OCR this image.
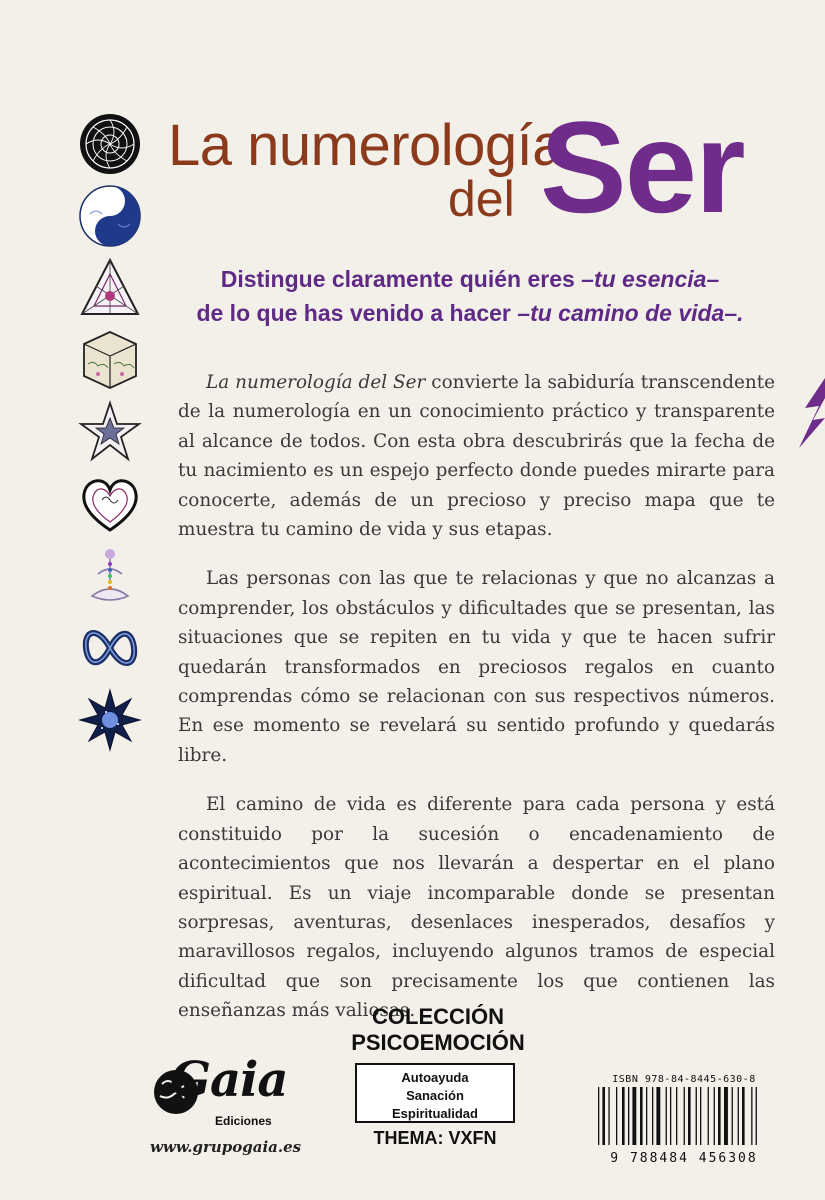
La numerología
del Ser
Distingue claramente quién eres –tu esencia–
de lo que has venido a hacer –tu camino de vida–.

La numerología del Ser convierte la sabiduría transcendente de la numerología en un conocimiento práctico y transparente al alcance de todos. Con esta obra descubrirás que la fecha de tu nacimiento es un espejo perfecto donde puedes mirarte para conocerte, además de un precioso y preciso mapa que te muestra tu camino de vida y sus etapas.

Las personas con las que te relacionas y que no alcanzas a comprender, los obstáculos y dificultades que se presentan, las situaciones que se repiten en tu vida y que te hacen sufrir quedarán transformados en preciosos regalos en cuanto comprendas cómo se relacionan con sus respectivos números. En ese momento se revelará su sentido profundo y quedarás libre.

El camino de vida es diferente para cada persona y está constituido por la sucesión o encadenamiento de acontecimientos que nos llevarán a despertar en el plano espiritual. Es un viaje incomparable donde se presentan sorpresas, aventuras, desenlaces inesperados, desafíos y maravillosos regalos, incluyendo algunos tramos de especial dificultad que son precisamente los que contienen las enseñanzas más valiosas.

Gaia
Ediciones
www.grupogaia.es
COLECCIÓN
PSICOEMOCIÓN
Autoayuda
Sanación
Espiritualidad
THEMA: VXFN
ISBN 978-84-8445-630-8
9 788484 456308
